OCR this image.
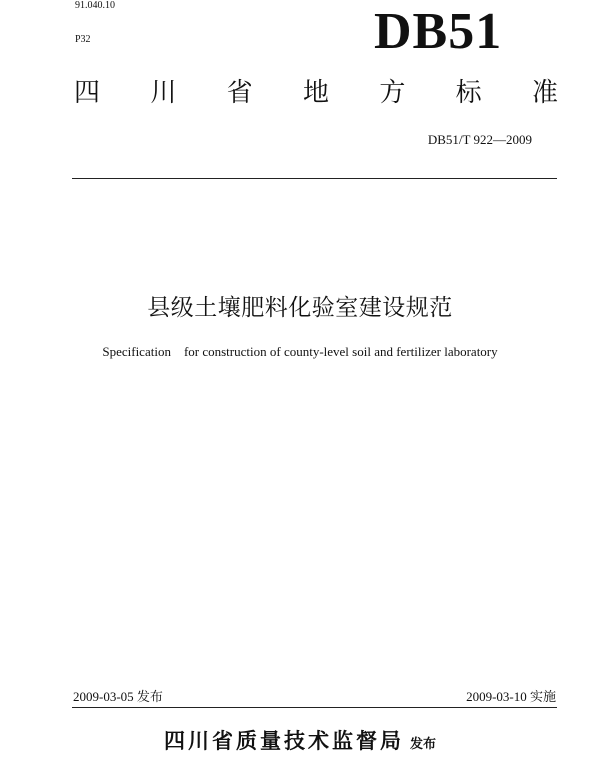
91.040.10
P32	DB51
四 川 省 地 方 标 准
DB51/T 922—2009
县级土壤肥料化验室建设规范
Specification    for construction of county-level soil and fertilizer laboratory
2009-03-05 发布	2009-03-10 实施
四川省质量技术监督局 发布
